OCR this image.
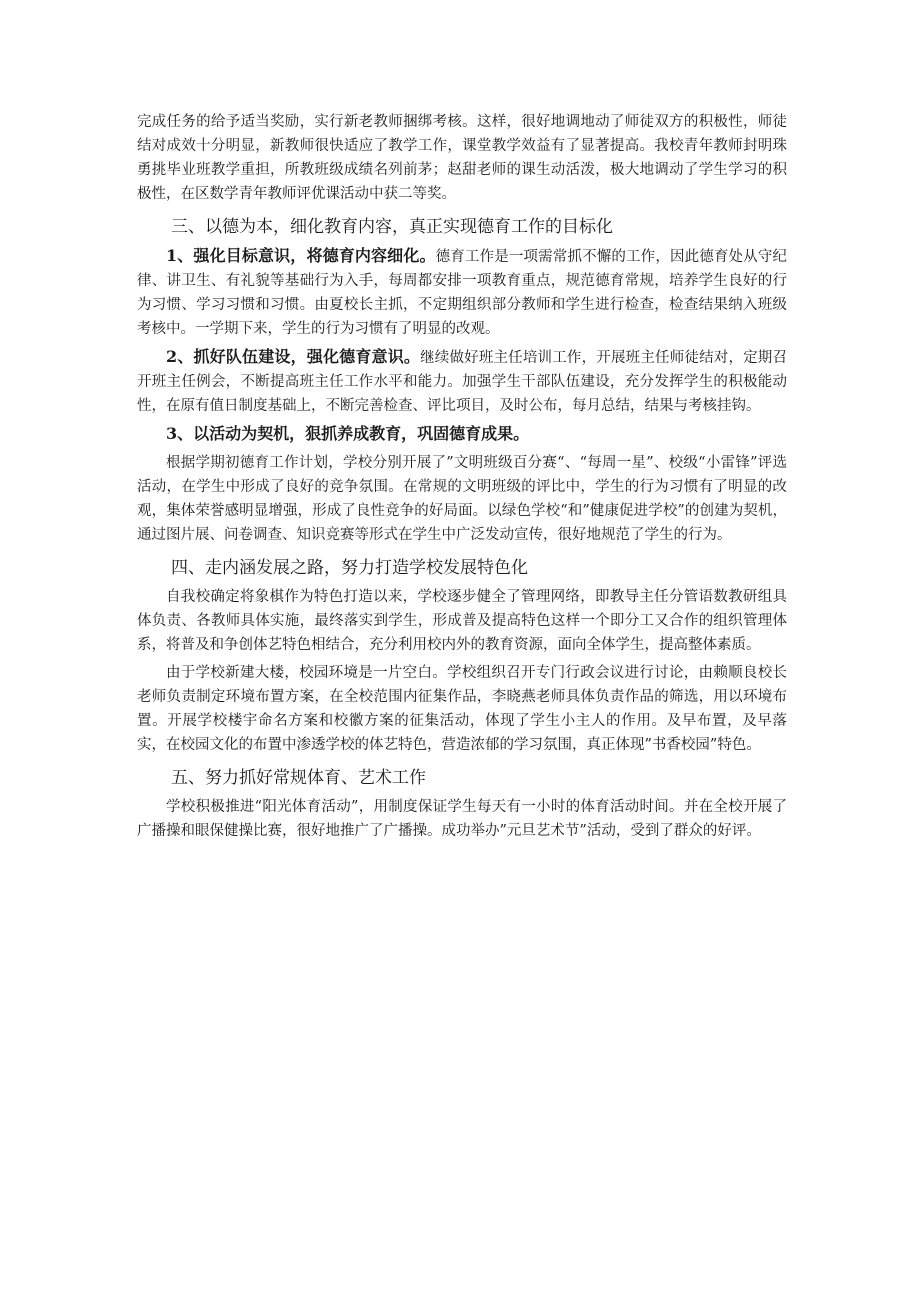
完成任务的给予适当奖励，实行新老教师捆绑考核。这样，很好地调地动了师徒双方的积极性，师徒结对成效十分明显，新教师很快适应了教学工作，课堂教学效益有了显著提高。我校青年教师封明珠勇挑毕业班教学重担，所教班级成绩名列前茅；赵甜老师的课生动活泼，极大地调动了学生学习的积极性，在区数学青年教师评优课活动中获二等奖。

三、以德为本，细化教育内容，真正实现德育工作的目标化

1、强化目标意识，将德育内容细化。德育工作是一项需常抓不懈的工作，因此德育处从守纪律、讲卫生、有礼貌等基础行为入手，每周都安排一项教育重点，规范德育常规，培养学生良好的行为习惯、学习习惯和习惯。由夏校长主抓，不定期组织部分教师和学生进行检查，检查结果纳入班级考核中。一学期下来，学生的行为习惯有了明显的改观。

2、抓好队伍建设，强化德育意识。继续做好班主任培训工作，开展班主任师徒结对，定期召开班主任例会，不断提高班主任工作水平和能力。加强学生干部队伍建设，充分发挥学生的积极能动性，在原有值日制度基础上，不断完善检查、评比项目，及时公布，每月总结，结果与考核挂钩。

3、以活动为契机，狠抓养成教育，巩固德育成果。

根据学期初德育工作计划，学校分别开展了”文明班级百分赛“、“每周一星”、校级“小雷锋”评选活动，在学生中形成了良好的竞争氛围。在常规的文明班级的评比中，学生的行为习惯有了明显的改观，集体荣誉感明显增强，形成了良性竞争的好局面。以绿色学校“和”健康促进学校”的创建为契机，通过图片展、问卷调查、知识竞赛等形式在学生中广泛发动宣传，很好地规范了学生的行为。

四、走内涵发展之路，努力打造学校发展特色化

自我校确定将象棋作为特色打造以来，学校逐步健全了管理网络，即教导主任分管语数教研组具体负责、各教师具体实施，最终落实到学生，形成普及提高特色这样一个即分工又合作的组织管理体系，将普及和争创体艺特色相结合，充分利用校内外的教育资源，面向全体学生，提高整体素质。

由于学校新建大楼，校园环境是一片空白。学校组织召开专门行政会议进行讨论，由赖顺良校长老师负责制定环境布置方案，在全校范围内征集作品，李晓燕老师具体负责作品的筛选，用以环境布置。开展学校楼宇命名方案和校徽方案的征集活动，体现了学生小主人的作用。及早布置，及早落实，在校园文化的布置中渗透学校的体艺特色，营造浓郁的学习氛围，真正体现”书香校园”特色。

五、努力抓好常规体育、艺术工作

学校积极推进“阳光体育活动”，用制度保证学生每天有一小时的体育活动时间。并在全校开展了广播操和眼保健操比赛，很好地推广了广播操。成功举办”元旦艺术节”活动，受到了群众的好评。
